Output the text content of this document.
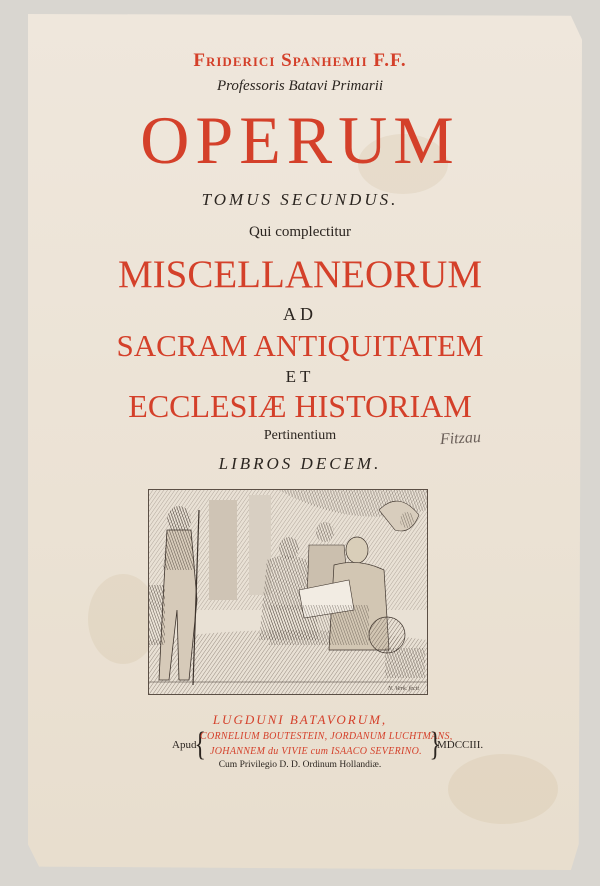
Friderici Spanhemii F.F.
Professoris Batavi Primarii
OPERUM
TOMUS SECUNDUS.
Qui complectitur
MISCELLANEORUM
AD
SACRAM ANTIQUITATEM
ET
ECCLESIÆ HISTORIAM
Pertinentium
LIBROS DECEM.
Fitzau
N. Verk. fecit
LUGDUNI BATAVORUM,
Apud
{
CORNELIUM BOUTESTEIN, JORDANUM LUCHTMANS,
JOHANNEM du VIVIE cum ISAACO SEVERINO. }
MDCCIII.
Cum Privilegio D. D. Ordinum Hollandiæ.
